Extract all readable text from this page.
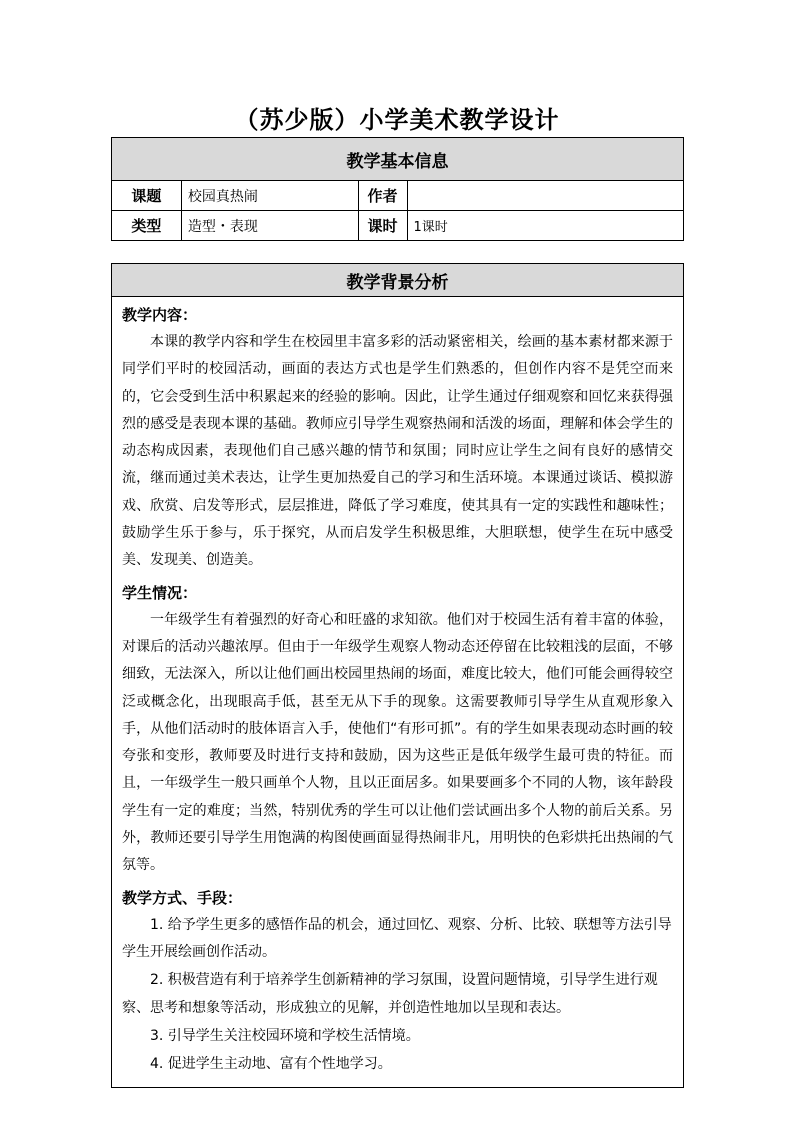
（苏少版）小学美术教学设计
教学基本信息			
课题	校园真热闹	作者	
类型	造型・表现	课时	1课时
教学背景分析

教学内容：

本课的教学内容和学生在校园里丰富多彩的活动紧密相关，绘画的基本素材都来源于同学们平时的校园活动，画面的表达方式也是学生们熟悉的，但创作内容不是凭空而来的，它会受到生活中积累起来的经验的影响。因此，让学生通过仔细观察和回忆来获得强烈的感受是表现本课的基础。教师应引导学生观察热闹和活泼的场面，理解和体会学生的动态构成因素，表现他们自己感兴趣的情节和氛围；同时应让学生之间有良好的感情交流，继而通过美术表达，让学生更加热爱自己的学习和生活环境。本课通过谈话、模拟游戏、欣赏、启发等形式，层层推进，降低了学习难度，使其具有一定的实践性和趣味性；鼓励学生乐于参与，乐于探究，从而启发学生积极思维，大胆联想，使学生在玩中感受美、发现美、创造美。

学生情况：

一年级学生有着强烈的好奇心和旺盛的求知欲。他们对于校园生活有着丰富的体验，对课后的活动兴趣浓厚。但由于一年级学生观察人物动态还停留在比较粗浅的层面，不够细致，无法深入，所以让他们画出校园里热闹的场面，难度比较大，他们可能会画得较空泛或概念化，出现眼高手低，甚至无从下手的现象。这需要教师引导学生从直观形象入手，从他们活动时的肢体语言入手，使他们“有形可抓”。有的学生如果表现动态时画的较夸张和变形，教师要及时进行支持和鼓励，因为这些正是低年级学生最可贵的特征。而且，一年级学生一般只画单个人物，且以正面居多。如果要画多个不同的人物，该年龄段学生有一定的难度；当然，特别优秀的学生可以让他们尝试画出多个人物的前后关系。另外，教师还要引导学生用饱满的构图使画面显得热闹非凡，用明快的色彩烘托出热闹的气氛等。

教学方式、手段：

1. 给予学生更多的感悟作品的机会，通过回忆、观察、分析、比较、联想等方法引导学生开展绘画创作活动。

2. 积极营造有利于培养学生创新精神的学习氛围，设置问题情境，引导学生进行观察、思考和想象等活动，形成独立的见解，并创造性地加以呈现和表达。

3. 引导学生关注校园环境和学校生活情境。

4. 促进学生主动地、富有个性地学习。
